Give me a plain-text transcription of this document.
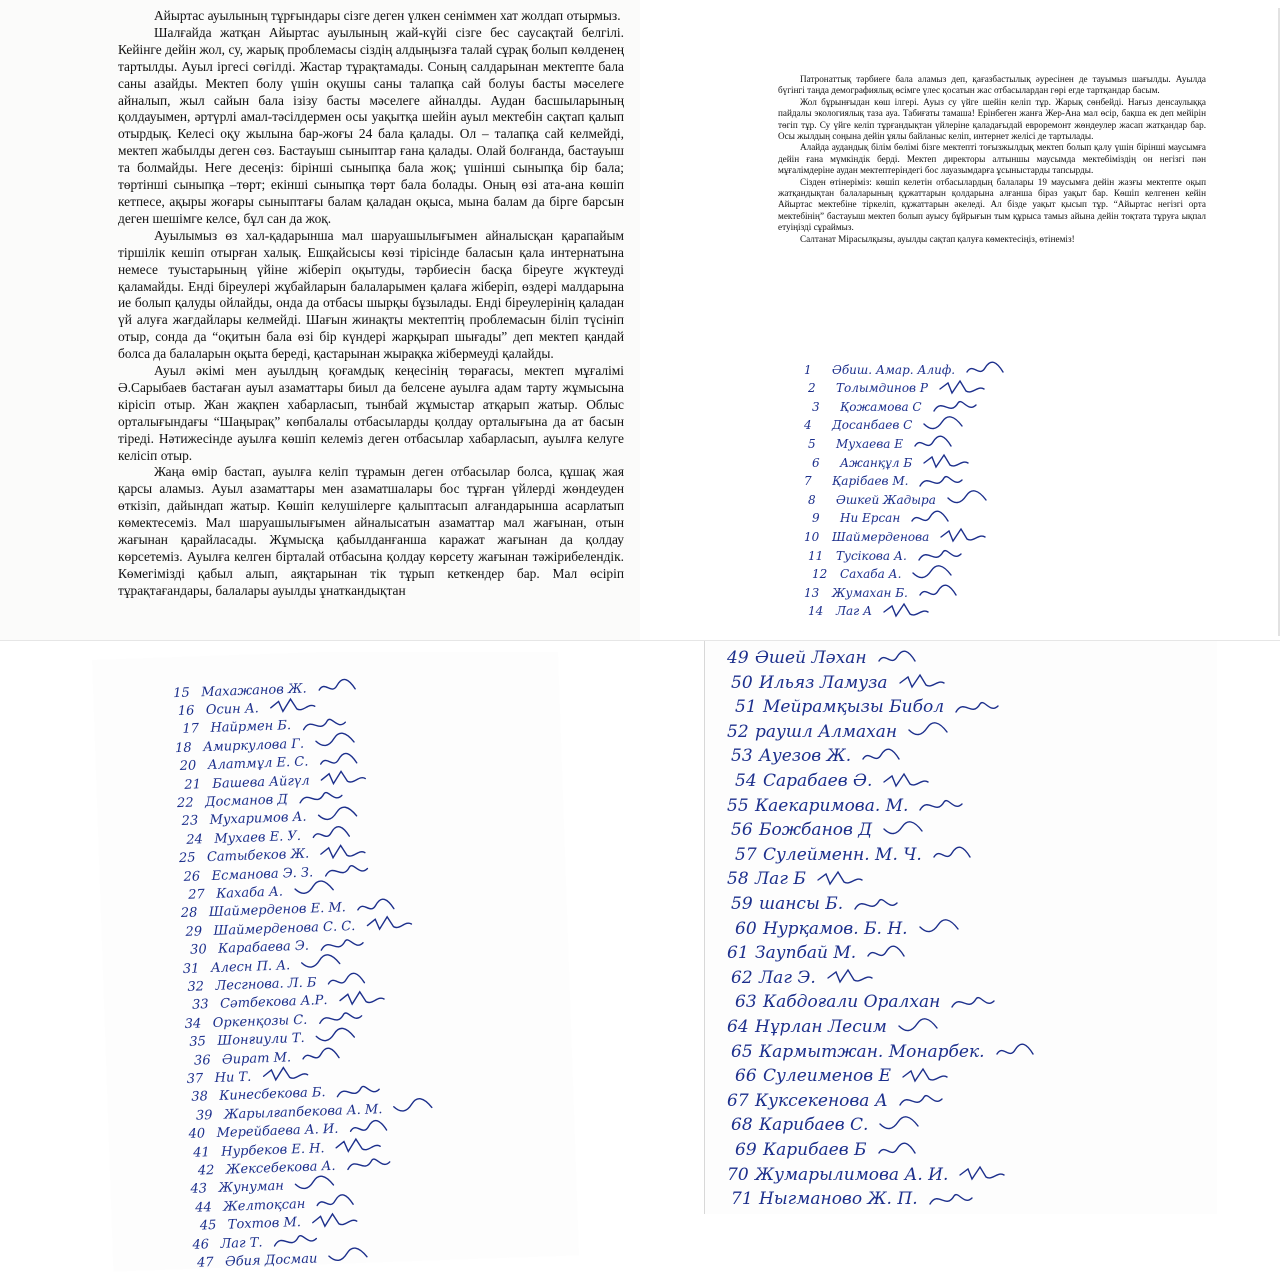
Айыртас ауылының тұрғындары сізге деген үлкен сеніммен хат жолдап отырмыз.

Шалғайда жатқан Айыртас ауылының жай-күйі сізге бес саусақтай белгілі. Кейінге дейін жол, су, жарық проблемасы сіздің алдыңызға талай сұрақ болып көлденең тартылды. Ауыл іргесі сөгілді. Жастар тұрақтамады. Соның салдарынан мектепте бала саны азайды. Мектеп болу үшін оқушы саны талапқа сай болуы басты мәселеге айналып, жыл сайын бала ізізу басты мәселеге айналды. Аудан басшыларының қолдауымен, әртүрлі амал-тәсілдермен осы уақытқа шейін ауыл мектебін сақтап қалып отырдық. Келесі оқу жылына бар-жоғы 24 бала қалады. Ол – талапқа сай келмейді, мектеп жабылды деген сөз. Бастауыш сыныптар ғана қалады. Олай болғанда, бастауыш та болмайды. Неге десеңіз: бірінші сыныпқа бала жоқ; үшінші сыныпқа бір бала; төртінші сыныпқа –төрт; екінші сыныпқа төрт бала болады. Оның өзі ата-ана көшіп кетпесе, ақыры жоғары сыныптағы балам қаладан оқыса, мына балам да бірге барсын деген шешімге келсе, бұл сан да жоқ.

Ауылымыз өз хал-қадарынша мал шаруашылығымен айналысқан қарапайым тіршілік кешіп отырған халық. Ешқайсысы көзі тірісінде баласын қала интернатына немесе туыстарының үйіне жіберіп оқытуды, тәрбиесін басқа біреуге жүктеуді қаламайды. Енді біреулері жұбайларын балаларымен қалаға жіберіп, өздері малдарына ие болып қалуды ойлайды, онда да отбасы шырқы бұзылады. Енді біреулерінің қаладан үй алуға жағдайлары келмейді. Шағын жинақты мектептің проблемасын біліп түсініп отыр, сонда да “оқитын бала өзі бір күндері жарқырап шығады” деп мектеп қандай болса да балаларын оқыта береді, қастарынан жырақка жібермеуді қалайды.

Ауыл әкімі мен ауылдың қоғамдық кеңесінің төрағасы, мектеп мұғалімі Ә.Сарыбаев бастаған ауыл азаматтары биыл да белсене ауылға адам тарту жұмысына кірісіп отыр. Жан жақпен хабарласып, тынбай жұмыстар атқарып жатыр. Облыс орталығындағы “Шаңырақ” көпбалалы отбасыларды қолдау орталығына да ат басын тіреді. Нәтижесінде ауылға көшіп келеміз деген отбасылар хабарласып, ауылға келуге келісіп отыр.

Жаңа өмір бастап, ауылға келіп тұрамын деген отбасылар болса, құшақ жая қарсы аламыз. Ауыл азаматтары мен азаматшалары бос тұрған үйлерді жөндеуден өткізіп, дайындап жатыр. Көшіп келушілерге қалыптасып алғандарынша асарлатып көмектесеміз. Мал шаруашылығымен айналысатын азаматтар мал жағынан, отын жағынан қарайласады. Жұмысқа қабылданғанша каражат жағынан да қолдау көрсетеміз. Ауылға келген бірталай отбасына қолдау көрсету жағынан тәжірибелендік. Көмегімізді қабыл алып, аяқтарынан тік тұрып кеткендер бар. Мал өсіріп тұрақтағандары, балалары ауылды ұнаткандықтан

Патронаттық тәрбиеге бала аламыз деп, қағазбастылық әуресінен де тауымыз шағылды. Ауылда бүгінгі таңда демографиялық өсімге үлес қосатын жас отбасылардан гөрі егде тартқандар басым.

Жол бұрынғыдан көш ілгері. Ауыз су үйге шейін келіп тұр. Жарық сөнбейді. Нағыз денсаулыққа пайдалы экологиялық таза ауа. Табиғаты тамаша! Ерінбеген жанға Жер-Ана мал өсір, бақша ек деп мейірін төгіп тұр. Су үйге келіп тұрғандықтан үйлеріне қаладағыдай еврoремонт жөндеулер жасап жатқандар бар. Осы жылдың соңына дейін ұялы байланыс келіп, интернет желісі де тартылады.

Алайда аудандық білім бөлімі бізге мектепті тоғызжылдық мектеп болып қалу үшін бірінші маусымға дейін ғана мүмкіндік берді. Мектеп директоры алтыншы маусымда мектебіміздің он негізгі пән мұғалімдеріне аудан мектептеріндегі бос лауазымдарға ұсыныстарды тапсырды.

Сізден өтінеріміз: көшіп келетін отбасылардың балалары 19 маусымға дейін жазғы мектепте оқып жатқандықтан балаларының құжаттарын қолдарына алғанша біраз уақыт бар. Көшіп келгенен кейін Айыртас мектебіне тіркеліп, құжаттарын әкеледі. Ал бізде уақыт қысып тұр. “Айыртас негізгі орта мектебінің” бастауыш мектеп болып ауысу бұйрығын тым құрыса тамыз айына дейін тоқтата тұруға ықпал етуіңізді сұраймыз.

Салтанат Мірасылқызы, ауылды сақтап қалуға көмектесіңіз, өтінеміз!

1 Әбиш. Амар. Алиф.
2 Толымдинов Р
3 Қожамова С
4 Досанбаев С
5 Мухаева Е
6 Ажанқұл Б
7 Қарібаев М.
8 Әшкей Жадыра
9 Ни Ерсан
10 Шаймерденова
11 Тусікова А.
12 Сахаба А.
13 Жумахан Б.
14 Лаг А
15 Махажанов Ж.
16 Осин А.
17 Найрмен Б.
18 Амиркулова Г.
20 Алатмұл Е. С.
21 Башева Айгүл
22 Досманов Д
23 Мухаримов А.
24 Мухаев Е. У.
25 Сатыбеков Ж.
26 Есманова Э. З.
27 Кахаба А.
28 Шаймерденов Е. М.
29 Шаймерденова С. С.
30 Карабаева Э.
31 Алесн П. А.
32 Лесгнова. Л. Б
33 Сәтбекова А.Р.
34 Оркенқозы С.
35 Шонғиули Т.
36 Әират М.
37 Ни Т.
38 Кинесбекова Б.
39 Жарылғапбекова А. М.
40 Мерейбаева А. И.
41 Нурбеков Е. Н.
42 Жексебекова А.
43 Жунуман
44 Желтоқсан
45 Тохтов М.
46 Лаг Т.
47 Әбия Досмаи
49 Әшей Ләхан
50 Ильяз Ламуза
51 Мейрамқызы Бибол
52 раушл Алмахан
53 Ауезов Ж.
54 Сарабаев Ә.
55 Каекаримова. М.
56 Божбанов Д
57 Сулейменн. М. Ч.
58 Лаг Б
59 шансы Б.
60 Нурқамов. Б. Н.
61 Заупбай М.
62 Лаг Э.
63 Кабдоғали Оралхан
64 Нұрлан Лесим
65 Кармытжан. Монарбек.
66 Сулеименов Е
67 Куксекенова А
68 Карибаев С.
69 Карибаев Б
70 Жумарылимова А. И.
71 Ныгманово Ж. П.
